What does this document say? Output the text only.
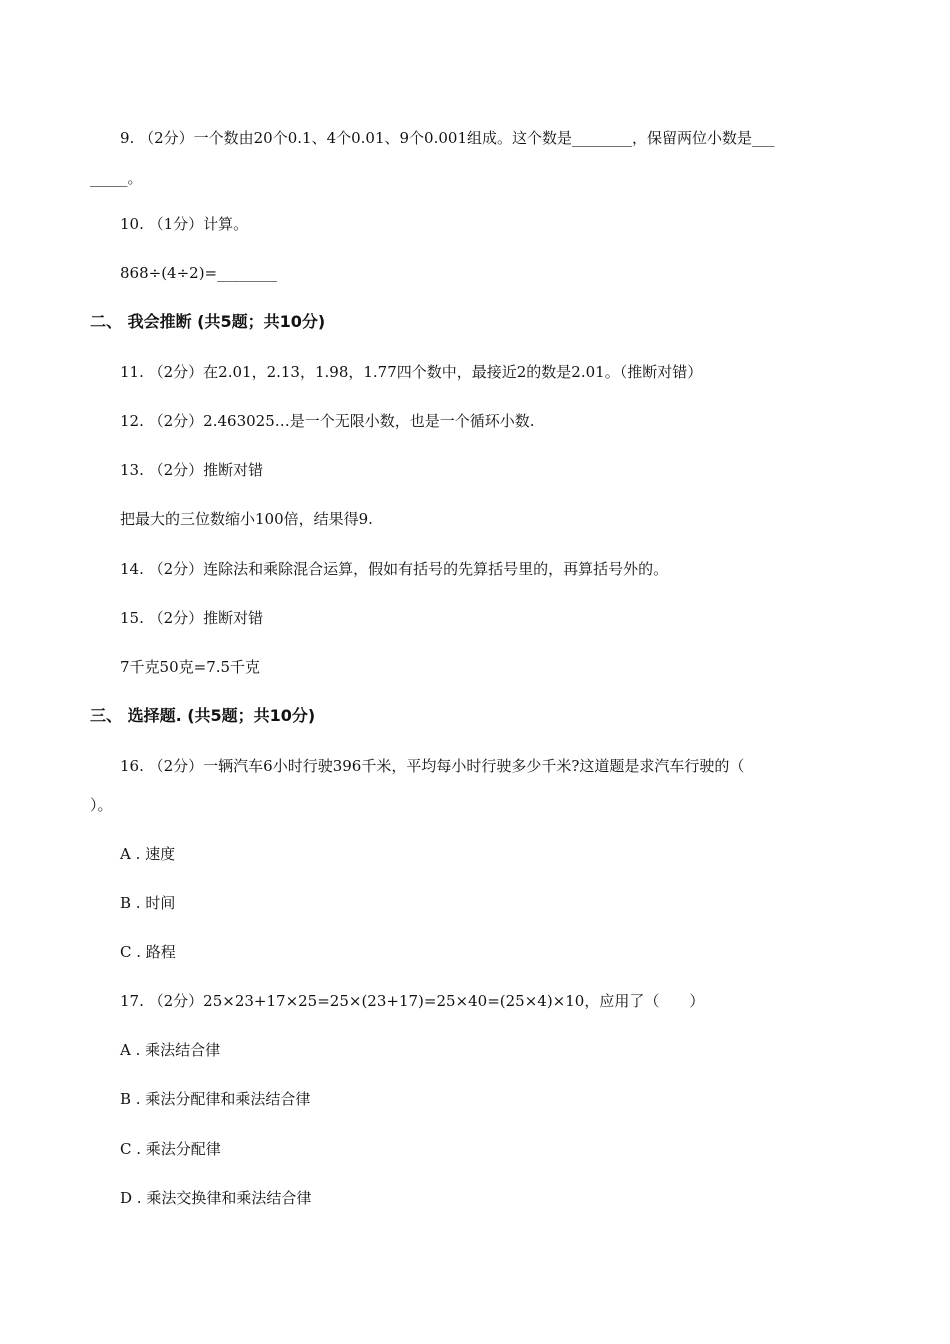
9. （2分）一个数由20个0.1、4个0.01、9个0.001组成。这个数是________，保留两位小数是___
_____。
10. （1分）计算。
868÷(4÷2)=________
二、 我会推断 (共5题；共10分)
11. （2分）在2.01，2.13，1.98，1.77四个数中，最接近2的数是2.01。（推断对错）
12. （2分）2.463025…是一个无限小数，也是一个循环小数.
13. （2分）推断对错
把最大的三位数缩小100倍，结果得9.
14. （2分）连除法和乘除混合运算，假如有括号的先算括号里的，再算括号外的。
15. （2分）推断对错
7千克50克=7.5千克
三、 选择题. (共5题；共10分)
16. （2分）一辆汽车6小时行驶396千米，平均每小时行驶多少千米?这道题是求汽车行驶的（
）。
A . 速度
B . 时间
C . 路程
17. （2分）25×23+17×25=25×(23+17)=25×40=(25×4)×10，应用了（　　）
A . 乘法结合律
B . 乘法分配律和乘法结合律
C . 乘法分配律
D . 乘法交换律和乘法结合律
